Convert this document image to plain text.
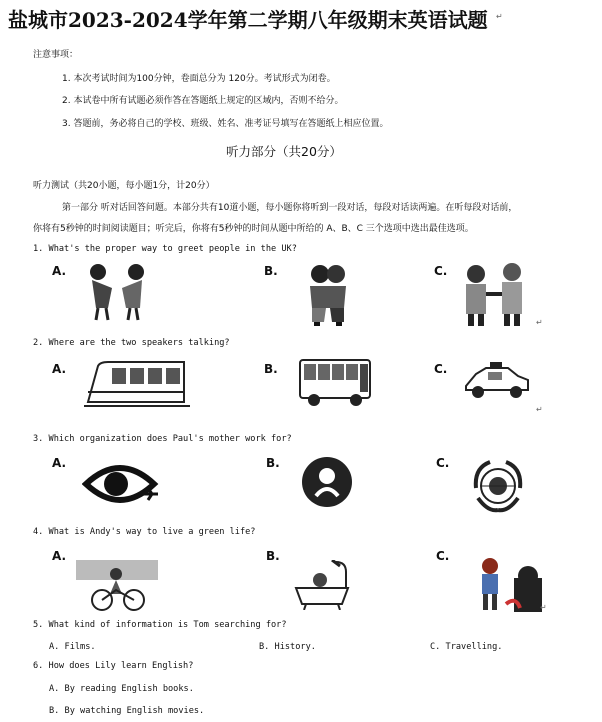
盐城市2023-2024学年第二学期八年级期末英语试题 ↵
注意事项：
1. 本次考试时间为100分钟，卷面总分为 120分。考试形式为闭卷。
2. 本试卷中所有试题必须作答在答题纸上规定的区域内，否则不给分。
3. 答题前，务必将自己的学校、班级、姓名、准考证号填写在答题纸上相应位置。
听力部分（共20分）
听力测试（共20小题，每小题1分，计20分）
第一部分 听对话回答问题。本部分共有10道小题，每小题你将听到一段对话，每段对话读两遍。在听每段对话前，
你将有5秒钟的时间阅读题目；听完后，你将有5秒钟的时间从题中所给的 A、B、C 三个选项中选出最佳选项。
1. What's the proper way to greet people in the UK?
A.	B.	C.
↵
2. Where are the two speakers talking?
A.	B.	C.
↵
3. Which organization does Paul's mother work for?
A.	B.	C.
4. What is Andy's way to live a green life?
A.	B.	C.
↵
5. What kind of information is Tom searching for?
A. Films.	B. History.	C. Travelling.
6. How does Lily learn English?
A. By reading English books.
B. By watching English movies.
